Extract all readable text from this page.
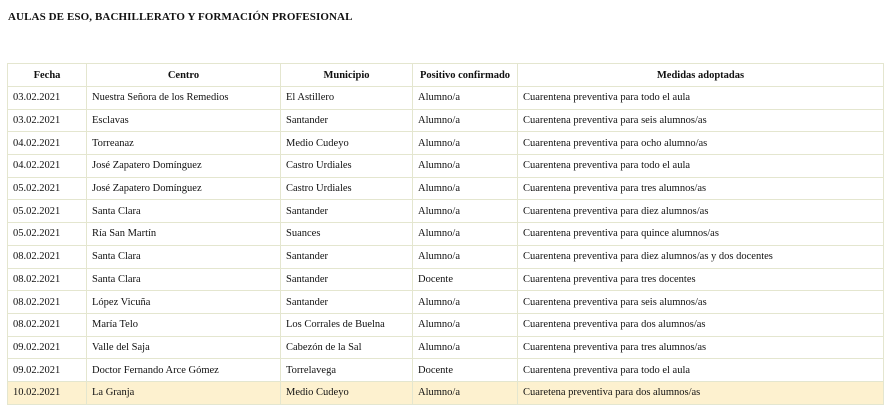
AULAS DE ESO, BACHILLERATO Y FORMACIÓN PROFESIONAL
Fecha	Centro	Municipio	Positivo confirmado	Medidas adoptadas
03.02.2021	Nuestra Señora de los Remedios	El Astillero	Alumno/a	Cuarentena preventiva para todo el aula
03.02.2021	Esclavas	Santander	Alumno/a	Cuarentena preventiva para seis alumnos/as
04.02.2021	Torreanaz	Medio Cudeyo	Alumno/a	Cuarentena preventiva para ocho alumno/as
04.02.2021	José Zapatero Domínguez	Castro Urdiales	Alumno/a	Cuarentena preventiva para todo el aula
05.02.2021	José Zapatero Domínguez	Castro Urdiales	Alumno/a	Cuarentena preventiva para tres alumnos/as
05.02.2021	Santa Clara	Santander	Alumno/a	Cuarentena preventiva para diez alumnos/as
05.02.2021	Ría San Martín	Suances	Alumno/a	Cuarentena preventiva para quince alumnos/as
08.02.2021	Santa Clara	Santander	Alumno/a	Cuarentena preventiva para diez alumnos/as y dos docentes
08.02.2021	Santa Clara	Santander	Docente	Cuarentena preventiva para tres docentes
08.02.2021	López Vicuña	Santander	Alumno/a	Cuarentena preventiva para seis alumnos/as
08.02.2021	María Telo	Los Corrales de Buelna	Alumno/a	Cuarentena preventiva para dos alumnos/as
09.02.2021	Valle del Saja	Cabezón de la Sal	Alumno/a	Cuarentena preventiva para tres alumnos/as
09.02.2021	Doctor Fernando Arce Gómez	Torrelavega	Docente	Cuarentena preventiva para todo el aula
10.02.2021	La Granja	Medio Cudeyo	Alumno/a	Cuaretena preventiva para dos alumnos/as
